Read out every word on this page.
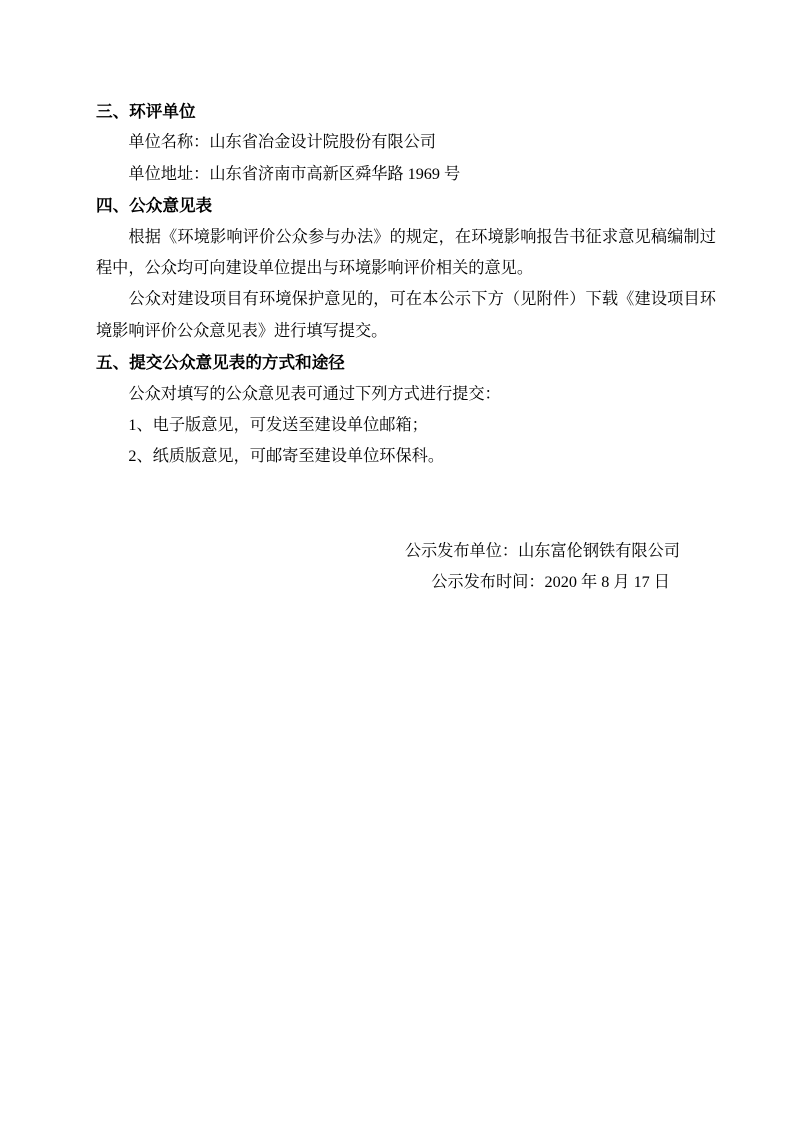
三、环评单位
单位名称：山东省冶金设计院股份有限公司
单位地址：山东省济南市高新区舜华路 1969 号
四、公众意见表
根据《环境影响评价公众参与办法》的规定，在环境影响报告书征求意见稿编制过程中，公众均可向建设单位提出与环境影响评价相关的意见。
公众对建设项目有环境保护意见的，可在本公示下方（见附件）下载《建设项目环境影响评价公众意见表》进行填写提交。
五、提交公众意见表的方式和途径
公众对填写的公众意见表可通过下列方式进行提交：
1、电子版意见，可发送至建设单位邮箱；
2、纸质版意见，可邮寄至建设单位环保科。
公示发布单位：山东富伦钢铁有限公司
公示发布时间：2020 年 8 月 17 日
